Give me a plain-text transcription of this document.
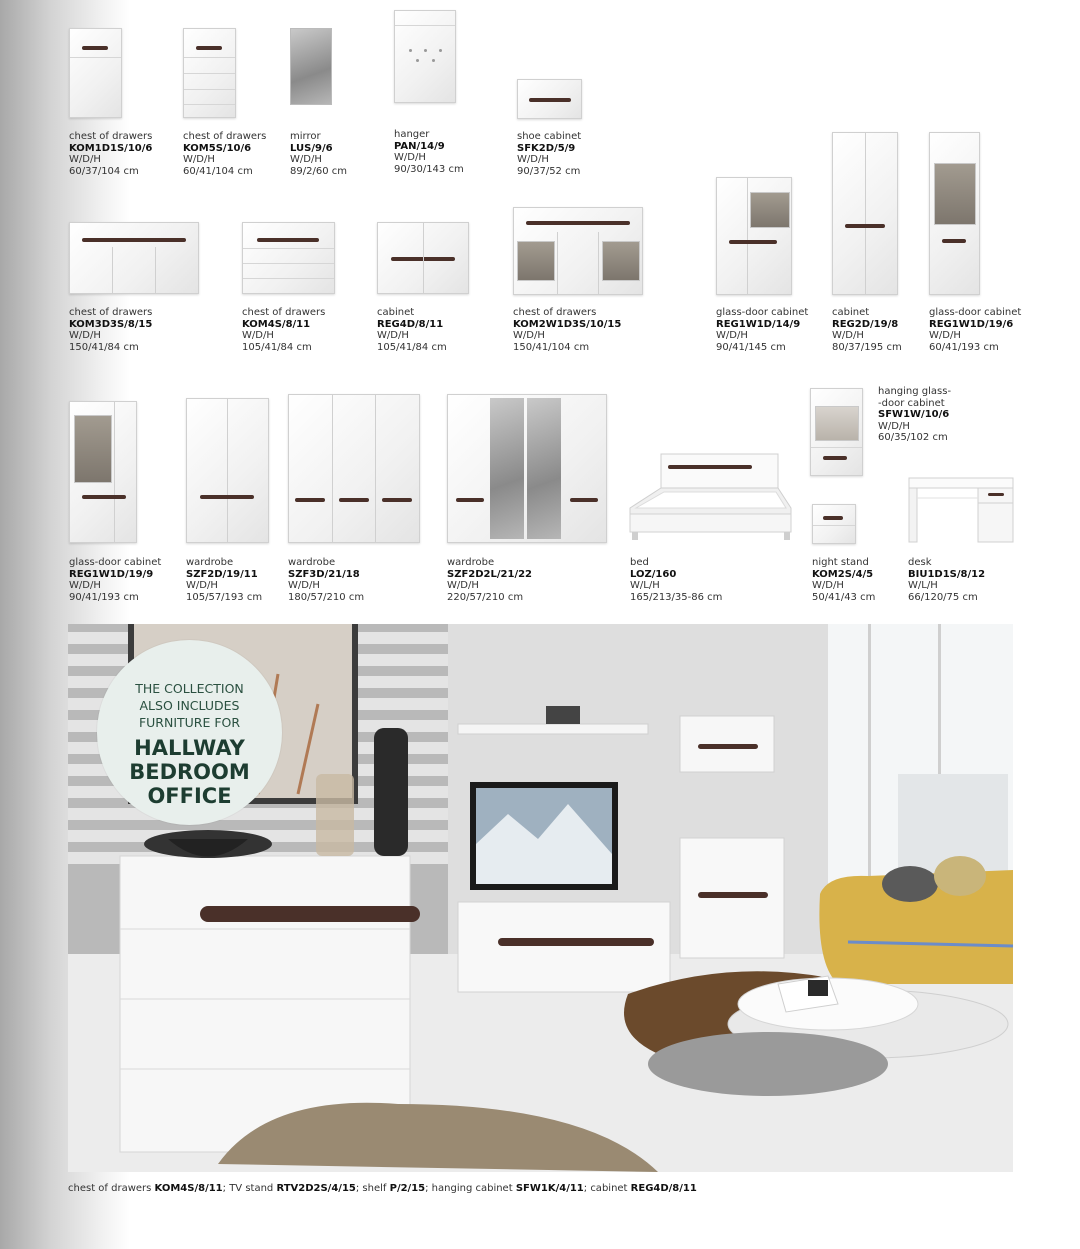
chest of drawers
KOM1D1S/10/6
W/D/H
60/37/104 cm
chest of drawers
KOM5S/10/6
W/D/H
60/41/104 cm
mirror
LUS/9/6
W/D/H
89/2/60 cm
hanger
PAN/14/9
W/D/H
90/30/143 cm
shoe cabinet
SFK2D/5/9
W/D/H
90/37/52 cm
chest of drawers
KOM3D3S/8/15
W/D/H
150/41/84 cm
chest of drawers
KOM4S/8/11
W/D/H
105/41/84 cm
cabinet
REG4D/8/11
W/D/H
105/41/84 cm
chest of drawers
KOM2W1D3S/10/15
W/D/H
150/41/104 cm
glass-door cabinet
REG1W1D/14/9
W/D/H
90/41/145 cm
cabinet
REG2D/19/8
W/D/H
80/37/195 cm
glass-door cabinet
REG1W1D/19/6
W/D/H
60/41/193 cm
glass-door cabinet
REG1W1D/19/9
W/D/H
90/41/193 cm
wardrobe
SZF2D/19/11
W/D/H
105/57/193 cm
wardrobe
SZF3D/21/18
W/D/H
180/57/210 cm
wardrobe
SZF2D2L/21/22
W/D/H
220/57/210 cm
bed
LOZ/160
W/L/H
165/213/35-86 cm
hanging glass-
-door cabinet
SFW1W/10/6
W/D/H
60/35/102 cm
night stand
KOM2S/4/5
W/D/H
50/41/43 cm
desk
BIU1D1S/8/12
W/L/H
66/120/75 cm
THE COLLECTION
ALSO INCLUDES
FURNITURE FOR
HALLWAY
BEDROOM
OFFICE
chest of drawers KOM4S/8/11; TV stand RTV2D2S/4/15; shelf P/2/15; hanging cabinet SFW1K/4/11; cabinet REG4D/8/11
